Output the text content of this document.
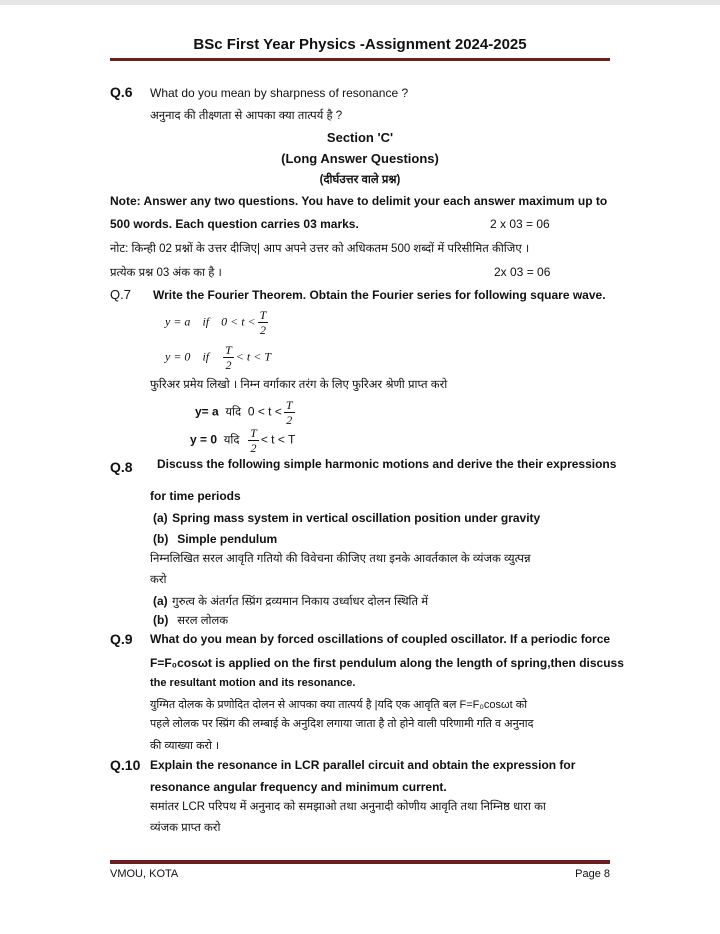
BSc First Year Physics -Assignment 2024-2025
Q.6 What do you mean by sharpness of resonance ?
अनुनाद की तीक्ष्णता से आपका क्या तात्पर्य है ?
Section 'C'
(Long Answer Questions)
(दीर्घउत्तर वाले प्रश्न)
Note: Answer any two questions. You have to delimit your each answer maximum up to
500 words. Each question carries 03 marks.	2 x 03 = 06
नोट: किन्ही 02 प्रश्नों के उत्तर दीजिए| आप अपने उत्तर को अधिकतम 500 शब्दों में परिसीमित कीजिए ।
प्रत्येक प्रश्न 03 अंक का है ।	2x 03 = 06
Q.7 Write the Fourier Theorem. Obtain the Fourier series for following square wave.
y = a if $0 < t < \frac{T}{2}$
y = 0 if $\frac{T}{2} < t < T$
फुरिअर प्रमेय लिखो । निम्न वर्गाकार तरंग के लिए फुरिअर श्रेणी प्राप्त करो
y= a यदि $0 < t < \frac{T}{2}$
y = 0 यदि $\frac{T}{2} < t < T$
Q.8 Discuss the following simple harmonic motions and derive the their expressions
for time periods
(a) Spring mass system in vertical oscillation position under gravity
(b) Simple pendulum
निम्नलिखित सरल आवृति गतियो की विवेचना कीजिए तथा इनके आवर्तकाल के व्यंजक व्युत्पन्न
करो
(a) गुरुत्व के अंतर्गत स्प्रिंग द्रव्यमान निकाय उर्ध्वाधर दोलन स्थिति में
(b) सरल लोलक
Q.9 What do you mean by forced oscillations of coupled oscillator. If a periodic force
F=F₀cosωt is applied on the first pendulum along the length of spring,then discuss
the resultant motion and its resonance.
युग्मित दोलक के प्रणोदित दोलन से आपका क्या तात्पर्य है |यदि एक आवृति बल F=F₀cosωt को
पहले लोलक पर स्प्रिंग की लम्बाई के अनुदिश लगाया जाता है तो होने वाली परिणामी गति व अनुनाद
की व्याख्या करो ।
Q.10 Explain the resonance in LCR parallel circuit and obtain the expression for
resonance angular frequency and minimum current.
समांतर LCR परिपथ में अनुनाद को समझाओ तथा अनुनादी कोणीय आवृति तथा निम्निष्ठ धारा का
व्यंजक प्राप्त करो
VMOU, KOTA	Page 8
